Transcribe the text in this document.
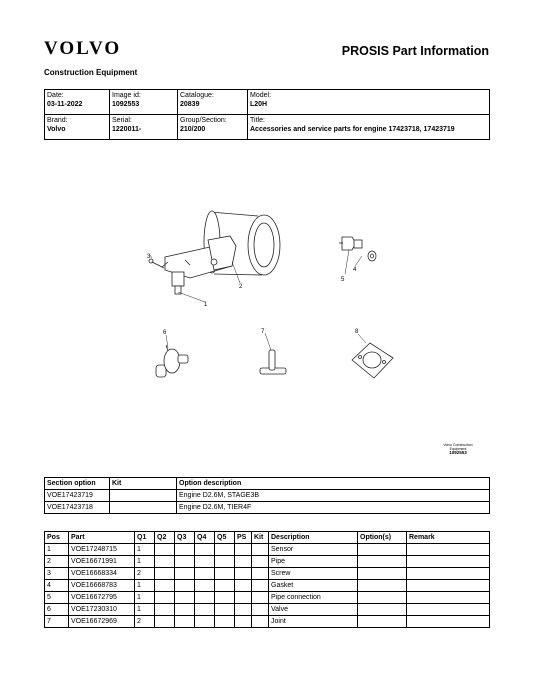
VOLVO	PROSIS Part Information
Construction Equipment
Date:
03-11-2022	Image id:
1092553	Catalogue:
20839	Model:
L20H

Brand:
Volvo	Serial:
1220011-	Group/Section:
210/200	Title:
Accessories and service parts for engine 17423718, 17423719
1
2
3
4
5
6	7	8
Volvo Construction
Equipment
1092553
Section option	Kit	Option description
VOE17423719		Engine D2.6M, STAGE3B
VOE17423718		Engine D2.6M, TIER4F
Pos	Part	Q1	Q2	Q3	Q4	Q5	PS	Kit	Description	Option(s)	Remark
1	VOE17248715	1							Sensor		
2	VOE16671991	1							Pipe		
3	VOE16668334	2							Screw		
4	VOE16668783	1							Gasket		
5	VOE16672795	1							Pipe connection		
6	VOE17230310	1							Valve		
7	VOE16672969	2							Joint		
